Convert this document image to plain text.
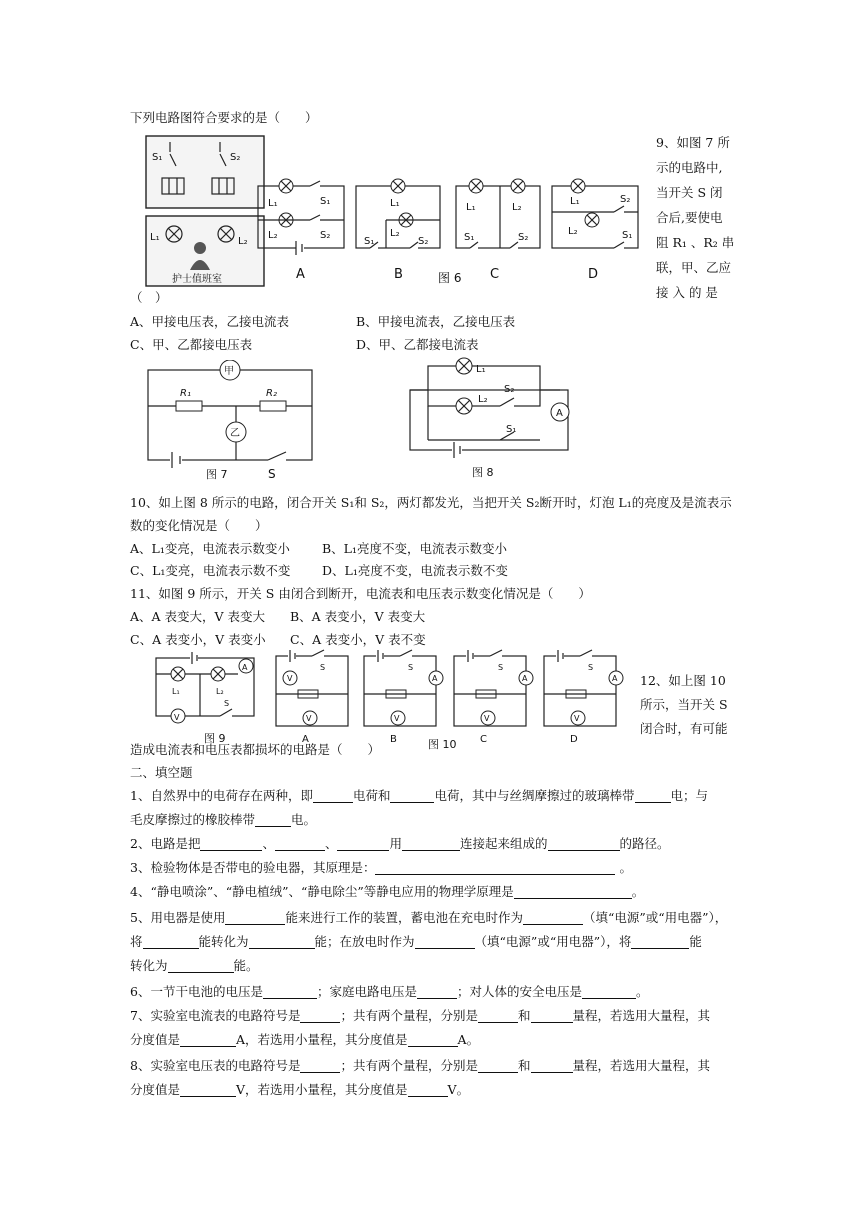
下列电路图符合要求的是（　　）
S₁	S₂
L₁	L₂
护士值班室
L₁	S₁
L₂	S₂
A
L₁
L₂
S₁	S₂
B	图 6
L₁	L₂
S₁	S₂
C
L₁
L₂
S₂
S₁
D
9、如图 7 所
示的电路中,
当开关 S 闭
合后,要使电
阻 R₁ 、R₂ 串
联，甲、乙应
接 入 的 是
（　）
A、甲接电压表，乙接电流表	B、甲接电流表，乙接电压表
C、甲、乙都接电压表	D、甲、乙都接电流表
甲
R₁	R₂
乙
图 7	S
L₁
L₂
S₂
A
S₁
图 8
10、如上图 8 所示的电路，闭合开关 S₁和 S₂，两灯都发光，当把开关 S₂断开时，灯泡 L₁的亮度及是流表示
数的变化情况是（　　）
A、L₁变亮，电流表示数变小	B、L₁亮度不变，电流表示数变小
C、L₁变亮，电流表示数不变	D、L₁亮度不变，电流表示数不变
11、如图 9 所示，开关 S 由闭合到断开，电流表和电压表示数变化情况是（　　）
A、A 表变大，V 表变大 B、A 表变小，V 表变大
C、A 表变小，V 表变小 C、A 表变小，V 表不变
A
L₁	L₂
V
S
图 9
S
V
V
A
S
A
V
B
S
A
V
C
S
A
V
D
图 10
12、如上图 10
所示，当开关 S
闭合时，有可能
造成电流表和电压表都损坏的电路是（　　）
二、填空题
1、自然界中的电荷存在两种，即	电荷和	电荷，其中与丝绸摩擦过的玻璃棒带	电；与
毛皮摩擦过的橡胶棒带	电。
2、电路是把	、	、	用	连接起来组成的	的路径。
3、检验物体是否带电的验电器，其原理是：	。
4、“静电喷涂”、“静电植绒”、“静电除尘”等静电应用的物理学原理是	。
5、用电器是使用	能来进行工作的装置，蓄电池在充电时作为	（填“电源”或“用电器”），
将	能转化为	能；在放电时作为	（填“电源”或“用电器”），将	能
转化为	能。
6、一节干电池的电压是	；家庭电路电压是	；对人体的安全电压是	。
7、实验室电流表的电路符号是	；共有两个量程，分别是	和	量程，若选用大量程，其
分度值是	A，若选用小量程，其分度值是	A。
8、实验室电压表的电路符号是	；共有两个量程，分别是	和	量程，若选用大量程，其
分度值是	V，若选用小量程，其分度值是	V。
